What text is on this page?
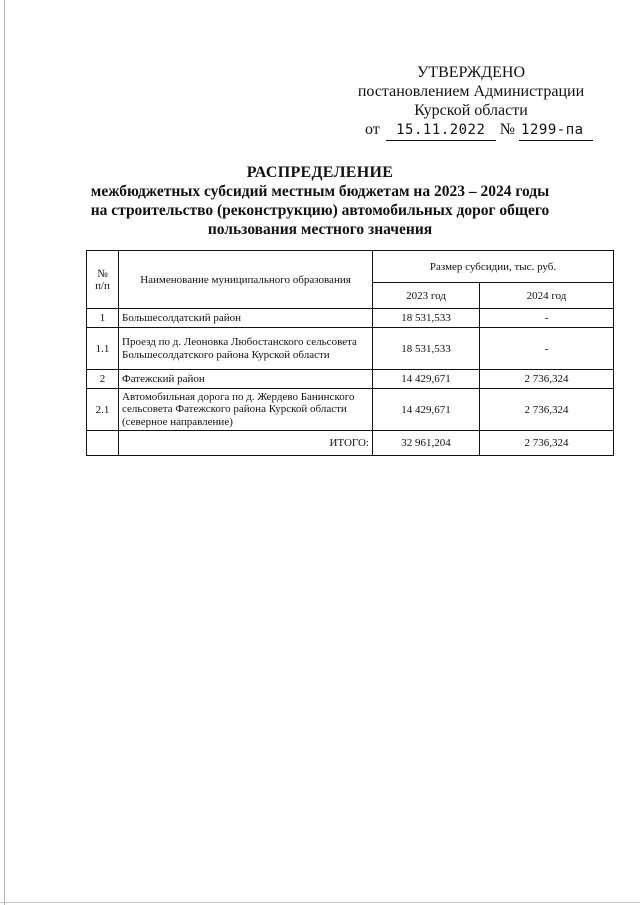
УТВЕРЖДЕНО
постановлением Администрации
Курской области
от 15.11.2022 № 1299-па
РАСПРЕДЕЛЕНИЕ
межбюджетных субсидий местным бюджетам на 2023 – 2024 годы
на строительство (реконструкцию) автомобильных дорог общего
пользования местного значения
№
п/п	Наименование муниципального образования	Размер субсидии, тыс. руб.	
		2023 год	2024 год
1	Большесолдатский район	18 531,533	-
1.1	Проезд по д. Леоновка Любостанского сельсовета Большесолдатского района Курской области	18 531,533	-
2	Фатежский район	14 429,671	2 736,324
2.1	Автомобильная дорога по д. Жердево Банинского сельсовета Фатежского района Курской области (северное направление)	14 429,671	2 736,324
	ИТОГО:	32 961,204	2 736,324
